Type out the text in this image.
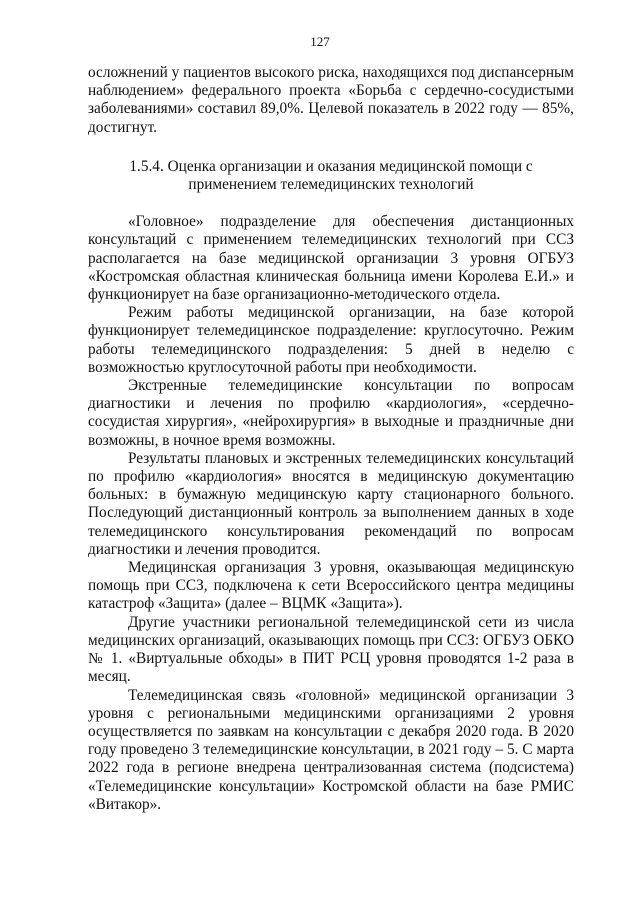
127

осложнений у пациентов высокого риска, находящихся под диспансерным наблюдением» федерального проекта «Борьба с сердечно-сосудистыми заболеваниями» составил 89,0%. Целевой показатель в 2022 году — 85%, достигнут.

1.5.4. Оценка организации и оказания медицинской помощи с
применением телемедицинских технологий

«Головное» подразделение для обеспечения дистанционных консультаций с применением телемедицинских технологий при ССЗ располагается на базе медицинской организации 3 уровня ОГБУЗ «Костромская областная клиническая больница имени Королева Е.И.» и функционирует на базе организационно-методического отдела.

Режим работы медицинской организации, на базе которой функционирует телемедицинское подразделение: круглосуточно. Режим работы телемедицинского подразделения: 5 дней в неделю с возможностью круглосуточной работы при необходимости.

Экстренные телемедицинские консультации по вопросам диагностики и лечения по профилю «кардиология», «сердечно-сосудистая хирургия», «нейрохирургия» в выходные и праздничные дни возможны, в ночное время возможны.

Результаты плановых и экстренных телемедицинских консультаций по профилю «кардиология» вносятся в медицинскую документацию больных: в бумажную медицинскую карту стационарного больного. Последующий дистанционный контроль за выполнением данных в ходе телемедицинского консультирования рекомендаций по вопросам диагностики и лечения проводится.

Медицинская организация 3 уровня, оказывающая медицинскую помощь при ССЗ, подключена к сети Всероссийского центра медицины катастроф «Защита» (далее – ВЦМК «Защита»).

Другие участники региональной телемедицинской сети из числа медицинских организаций, оказывающих помощь при ССЗ: ОГБУЗ ОБКО № 1. «Виртуальные обходы» в ПИТ РСЦ уровня проводятся 1-2 раза в месяц.

Телемедицинская связь «головной» медицинской организации 3 уровня с региональными медицинскими организациями 2 уровня осуществляется по заявкам на консультации с декабря 2020 года. В 2020 году проведено 3 телемедицинские консультации, в 2021 году – 5. С марта 2022 года в регионе внедрена централизованная система (подсистема) «Телемедицинские консультации» Костромской области на базе РМИС «Витакор».
